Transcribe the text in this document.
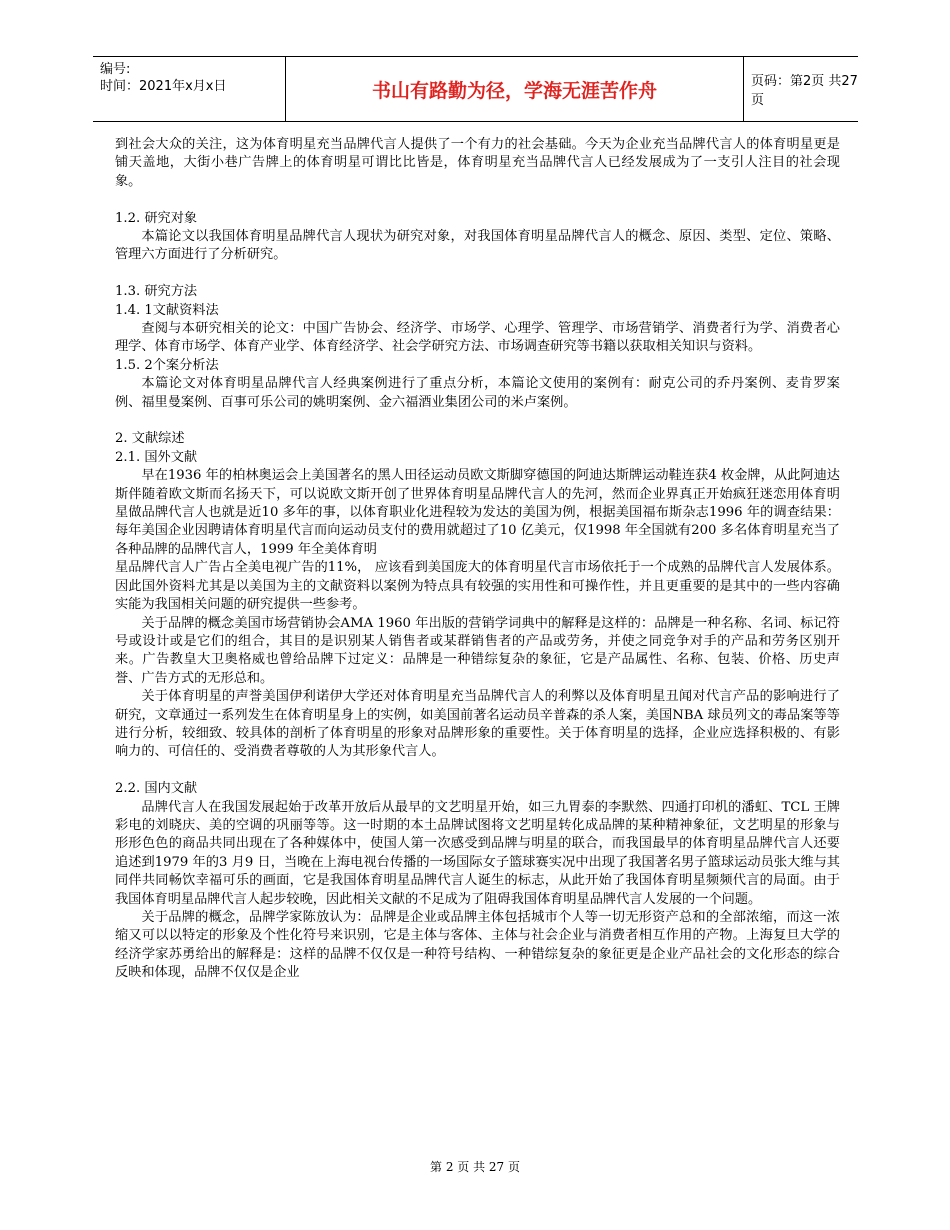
编号:
时间：2021年x月x日	书山有路勤为径，学海无涯苦作舟	页码：第2页 共27页

到社会大众的关注，这为体育明星充当品牌代言人提供了一个有力的社会基础。今天为企业充当品牌代言人的体育明星更是铺天盖地，大街小巷广告牌上的体育明星可谓比比皆是，体育明星充当品牌代言人已经发展成为了一支引人注目的社会现象。

1.2. 研究对象

本篇论文以我国体育明星品牌代言人现状为研究对象，对我国体育明星品牌代言人的概念、原因、类型、定位、策略、管理六方面进行了分析研究。

1.3. 研究方法

1.4. 1文献资料法

查阅与本研究相关的论文：中国广告协会、经济学、市场学、心理学、管理学、市场营销学、消费者行为学、消费者心理学、体育市场学、体育产业学、体育经济学、社会学研究方法、市场调查研究等书籍以获取相关知识与资料。

1.5. 2个案分析法

本篇论文对体育明星品牌代言人经典案例进行了重点分析，本篇论文使用的案例有：耐克公司的乔丹案例、麦肯罗案例、福里曼案例、百事可乐公司的姚明案例、金六福酒业集团公司的米卢案例。

2. 文献综述

2.1. 国外文献

早在1936 年的柏林奥运会上美国著名的黑人田径运动员欧文斯脚穿德国的阿迪达斯牌运动鞋连获4 枚金牌，从此阿迪达斯伴随着欧文斯而名扬天下，可以说欧文斯开创了世界体育明星品牌代言人的先河，然而企业界真正开始疯狂迷恋用体育明星做品牌代言人也就是近10 多年的事，以体育职业化进程较为发达的美国为例，根据美国福布斯杂志1996 年的调查结果：每年美国企业因聘请体育明星代言而向运动员支付的费用就超过了10 亿美元，仅1998 年全国就有200 多名体育明星充当了各种品牌的品牌代言人，1999 年全美体育明

星品牌代言人广告占全美电视广告的11%， 应该看到美国庞大的体育明星代言市场依托于一个成熟的品牌代言人发展体系。因此国外资料尤其是以美国为主的文献资料以案例为特点具有较强的实用性和可操作性，并且更重要的是其中的一些内容确实能为我国相关问题的研究提供一些参考。

关于品牌的概念美国市场营销协会AMA 1960 年出版的营销学词典中的解释是这样的：品牌是一种名称、名词、标记符号或设计或是它们的组合，其目的是识别某人销售者或某群销售者的产品或劳务，并使之同竞争对手的产品和劳务区别开来。广告教皇大卫奥格威也曾给品牌下过定义：品牌是一种错综复杂的象征，它是产品属性、名称、包装、价格、历史声誉、广告方式的无形总和。

关于体育明星的声誉美国伊利诺伊大学还对体育明星充当品牌代言人的利弊以及体育明星丑闻对代言产品的影响进行了研究，文章通过一系列发生在体育明星身上的实例，如美国前著名运动员辛普森的杀人案，美国NBA 球员列文的毒品案等等进行分析，较细致、较具体的剖析了体育明星的形象对品牌形象的重要性。关于体育明星的选择，企业应选择积极的、有影响力的、可信任的、受消费者尊敬的人为其形象代言人。

2.2. 国内文献

品牌代言人在我国发展起始于改革开放后从最早的文艺明星开始，如三九胃泰的李默然、四通打印机的潘虹、TCL 王牌彩电的刘晓庆、美的空调的巩丽等等。这一时期的本土品牌试图将文艺明星转化成品牌的某种精神象征，文艺明星的形象与形形色色的商品共同出现在了各种媒体中，使国人第一次感受到品牌与明星的联合，而我国最早的体育明星品牌代言人还要追述到1979 年的3 月9 日，当晚在上海电视台传播的一场国际女子篮球赛实况中出现了我国著名男子篮球运动员张大维与其同伴共同畅饮幸福可乐的画面，它是我国体育明星品牌代言人诞生的标志，从此开始了我国体育明星频频代言的局面。由于我国体育明星品牌代言人起步较晚，因此相关文献的不足成为了阻碍我国体育明星品牌代言人发展的一个问题。

关于品牌的概念，品牌学家陈放认为：品牌是企业或品牌主体包括城市个人等一切无形资产总和的全部浓缩，而这一浓缩又可以以特定的形象及个性化符号来识别，它是主体与客体、主体与社会企业与消费者相互作用的产物。上海复旦大学的经济学家苏勇给出的解释是：这样的品牌不仅仅是一种符号结构、一种错综复杂的象征更是企业产品社会的文化形态的综合反映和体现，品牌不仅仅是企业

第 2 页 共 27 页
